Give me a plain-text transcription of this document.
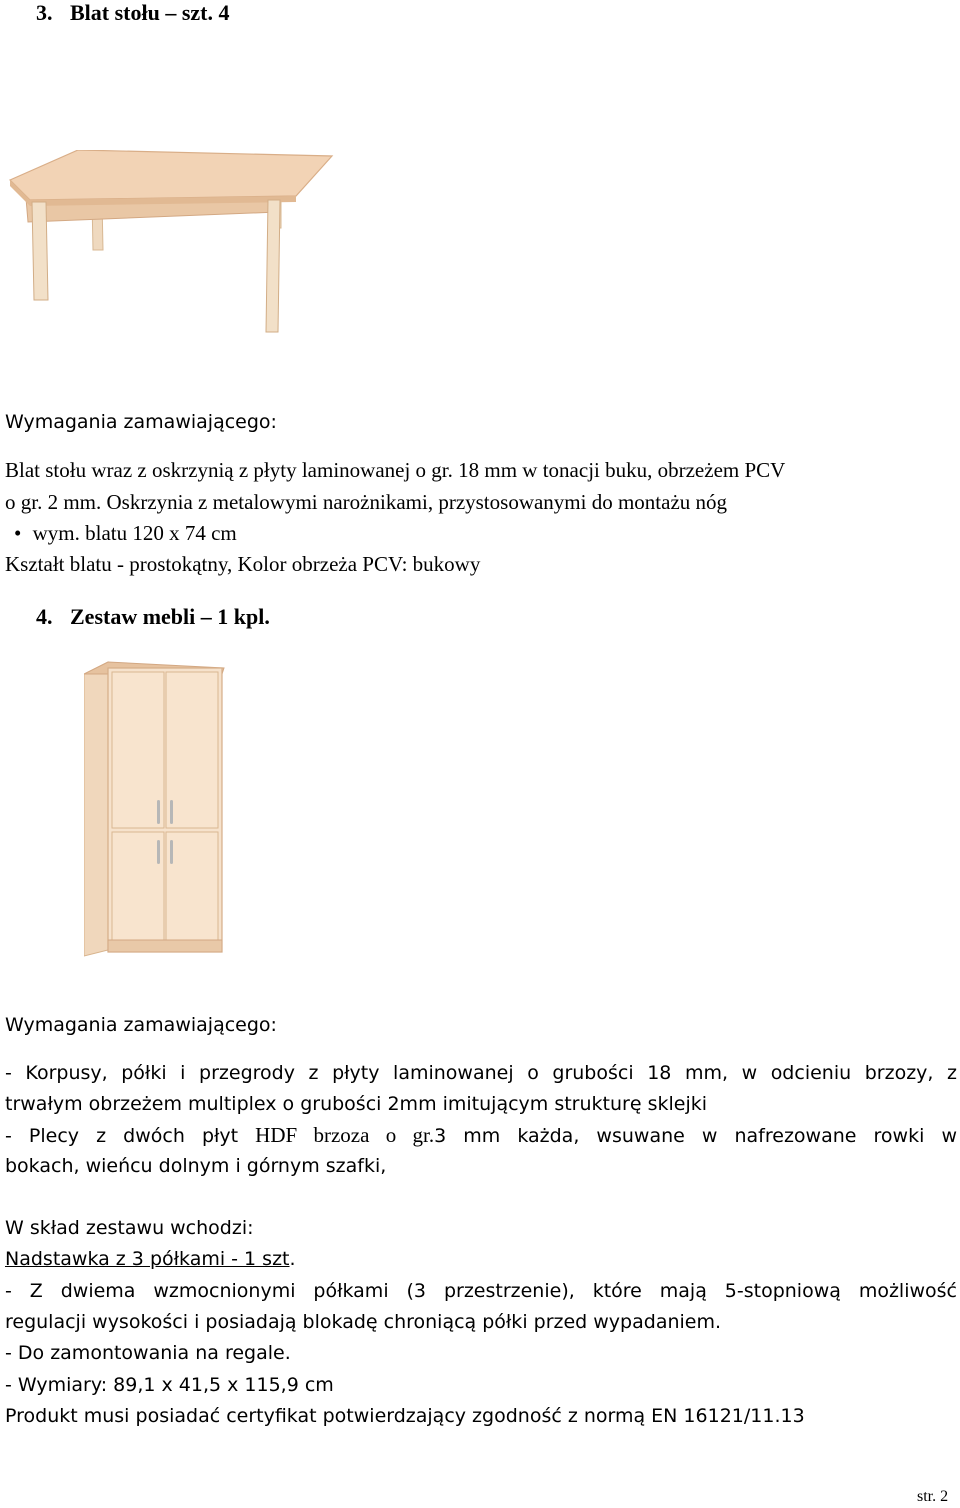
3. Blat stołu – szt. 4
Wymagania zamawiającego:
Blat stołu wraz z oskrzynią z płyty laminowanej o gr. 18 mm w tonacji buku, obrzeżem PCV
o gr. 2 mm. Oskrzynia z metalowymi narożnikami, przystosowanymi do montażu nóg
• wym. blatu 120 x 74 cm
Kształt blatu - prostokątny, Kolor obrzeża PCV: bukowy
4. Zestaw mebli – 1 kpl.
Wymagania zamawiającego:
- Korpusy, półki i przegrody z płyty laminowanej o grubości 18 mm, w odcieniu brzozy, z
trwałym obrzeżem multiplex o grubości 2mm imitującym strukturę sklejki
- Plecy z dwóch płyt HDF brzoza o gr.3 mm każda, wsuwane w nafrezowane rowki w
bokach, wieńcu dolnym i górnym szafki,
W skład zestawu wchodzi:
Nadstawka z 3 półkami - 1 szt.
- Z dwiema wzmocnionymi półkami (3 przestrzenie), które mają 5-stopniową możliwość
regulacji wysokości i posiadają blokadę chroniącą półki przed wypadaniem.
- Do zamontowania na regale.
- Wymiary: 89,1 x 41,5 x 115,9 cm
Produkt musi posiadać certyfikat potwierdzający zgodność z normą EN 16121/11.13
str. 2
